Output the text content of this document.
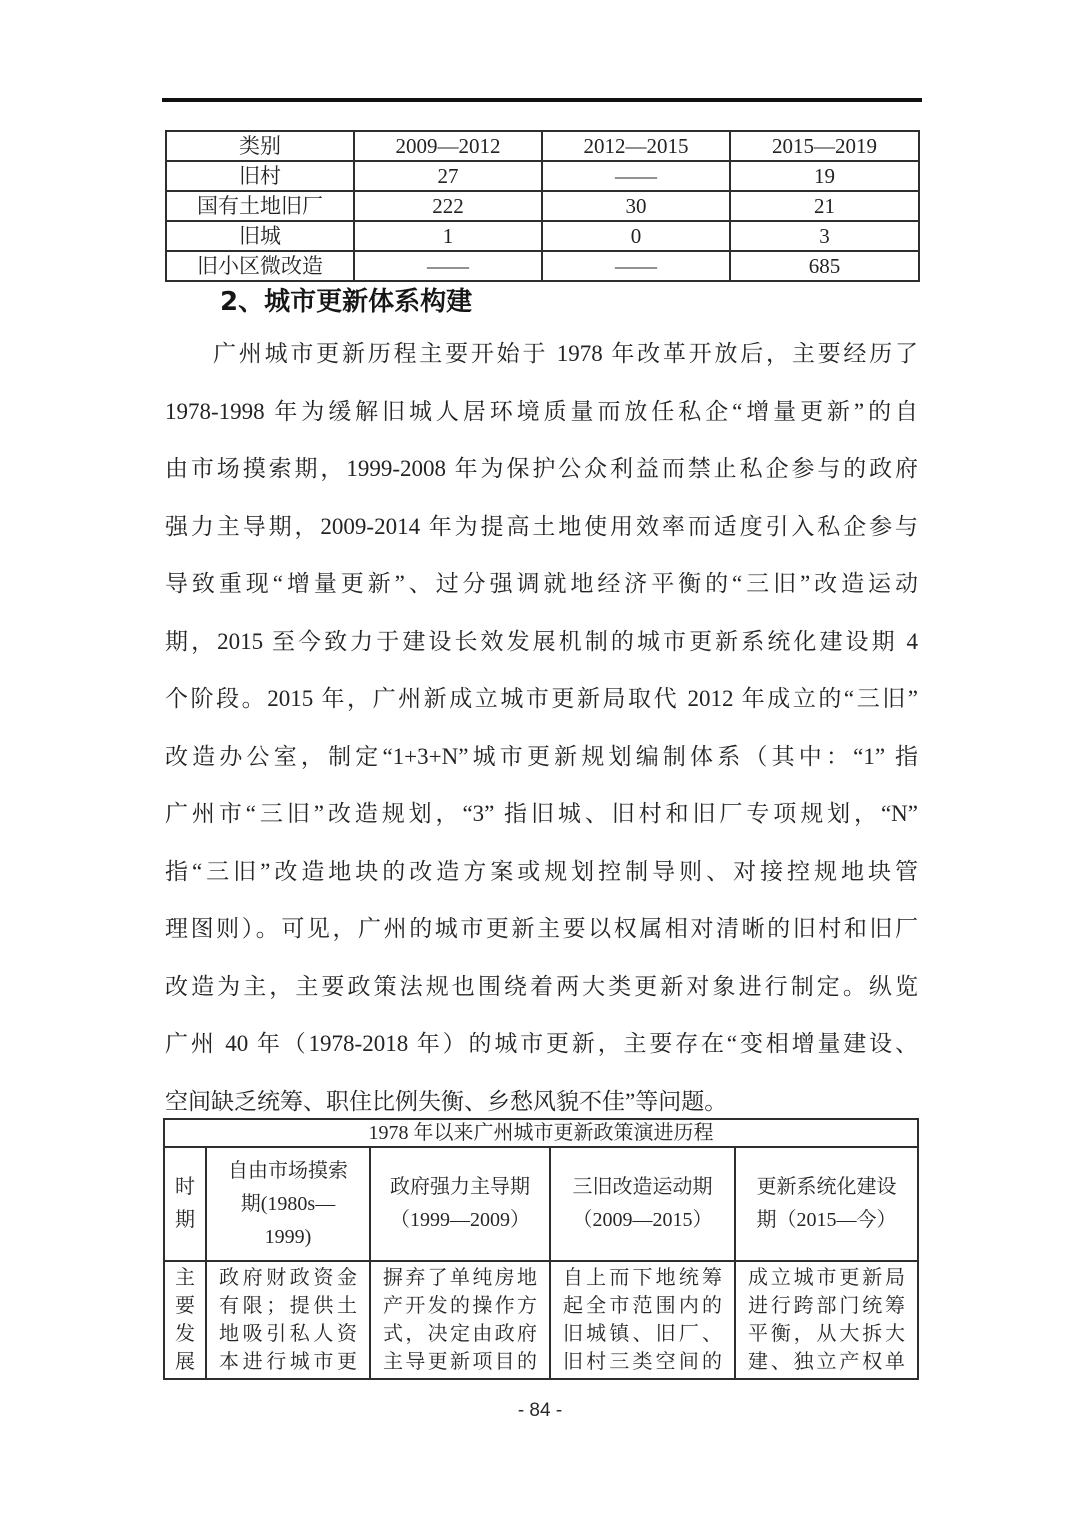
类别	2009—2012	2012—2015	2015—2019
旧村	27	——	19
国有土地旧厂	222	30	21
旧城	1	0	3
旧小区微改造	——	——	685
2、城市更新体系构建
广州城市更新历程主要开始于 1978 年改革开放后，主要经历了
1978-1998 年为缓解旧城人居环境质量而放任私企“增量更新”的自
由市场摸索期，1999-2008 年为保护公众利益而禁止私企参与的政府
强力主导期，2009-2014 年为提高土地使用效率而适度引入私企参与
导致重现“增量更新”、过分强调就地经济平衡的“三旧”改造运动
期，2015 至今致力于建设长效发展机制的城市更新系统化建设期 4
个阶段。2015 年，广州新成立城市更新局取代 2012 年成立的“三旧”
改造办公室，制定“1+3+N”城市更新规划编制体系（其中：“1” 指
广州市“三旧”改造规划，“3” 指旧城、旧村和旧厂专项规划，“N”
指“三旧”改造地块的改造方案或规划控制导则、对接控规地块管
理图则）。可见，广州的城市更新主要以权属相对清晰的旧村和旧厂
改造为主，主要政策法规也围绕着两大类更新对象进行制定。纵览
广州 40 年（1978-2018 年）的城市更新，主要存在“变相增量建设、
空间缺乏统筹、职住比例失衡、乡愁风貌不佳”等问题。
1978 年以来广州城市更新政策演进历程				
时期	自由市场摸索期(1980s—1999)	政府强力主导期（1999—2009）	三旧改造运动期（2009—2015）	更新系统化建设期（2015—今）
主要发展	政府财政资金有限；提供土地吸引私人资本进行城市更	摒弃了单纯房地产开发的操作方式，决定由政府主导更新项目的	自上而下地统筹起全市范围内的旧城镇、旧厂、旧村三类空间的	成立城市更新局进行跨部门统筹平衡，从大拆大建、独立产权单
- 84 -
